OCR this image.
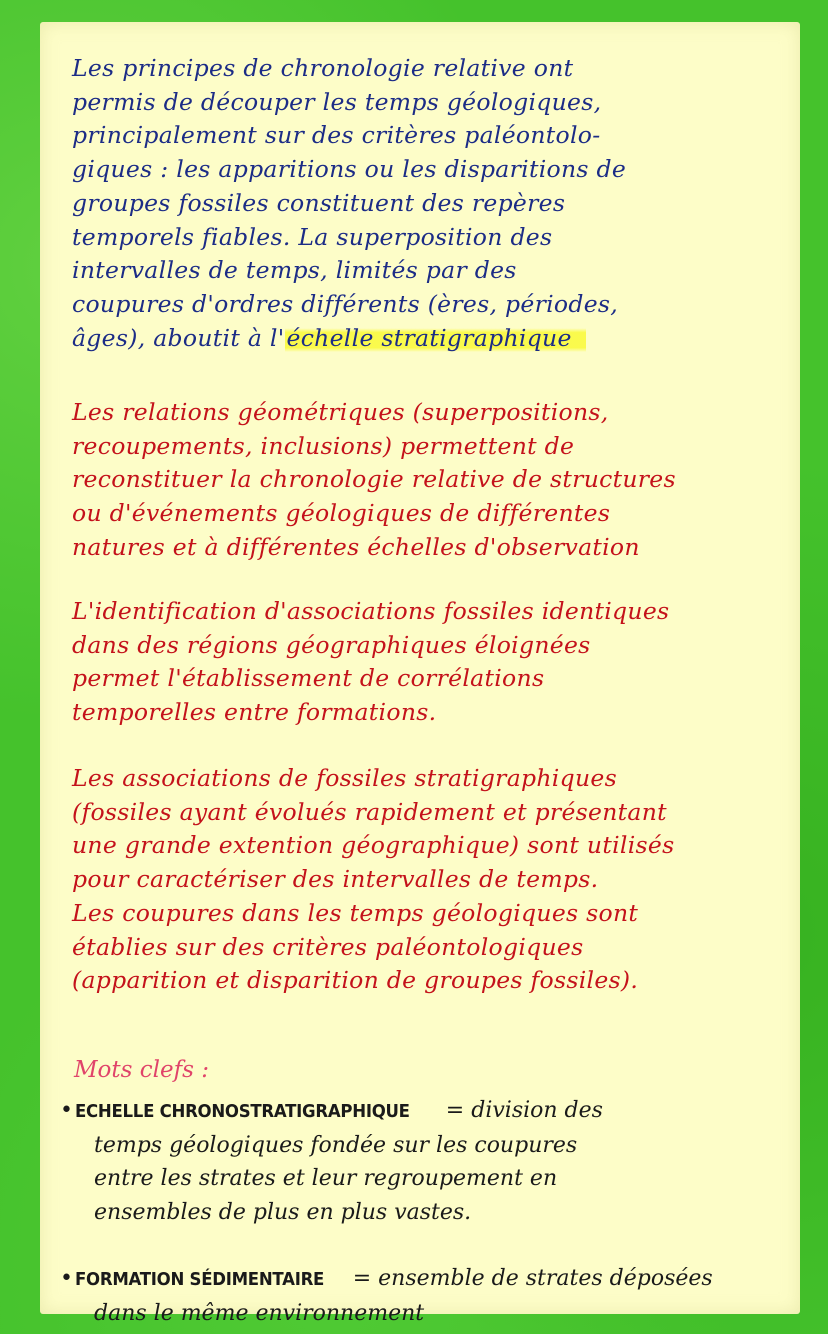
Les principes de chronologie relative ont
permis de découper les temps géologiques,
principalement sur des critères paléontolo-
giques : les apparitions ou les disparitions de
groupes fossiles constituent des repères
temporels fiables. La superposition des
intervalles de temps, limités par des
coupures d'ordres différents (ères, périodes,
âges), aboutit à l'échelle stratigraphique

Les relations géométriques (superpositions,
recoupements, inclusions) permettent de
reconstituer la chronologie relative de structures
ou d'événements géologiques de différentes
natures et à différentes échelles d'observation

L'identification d'associations fossiles identiques
dans des régions géographiques éloignées
permet l'établissement de corrélations
temporelles entre formations.

Les associations de fossiles stratigraphiques
(fossiles ayant évolués rapidement et présentant
une grande extention géographique) sont utilisés
pour caractériser des intervalles de temps.
Les coupures dans les temps géologiques sont
établies sur des critères paléontologiques
(apparition et disparition de groupes fossiles).

Mots clefs :
• ECHELLE CHRONOSTRATIGRAPHIQUE = division des
temps géologiques fondée sur les coupures
entre les strates et leur regroupement en
ensembles de plus en plus vastes.
• FORMATION SÉDIMENTAIRE = ensemble de strates déposées
dans le même environnement
